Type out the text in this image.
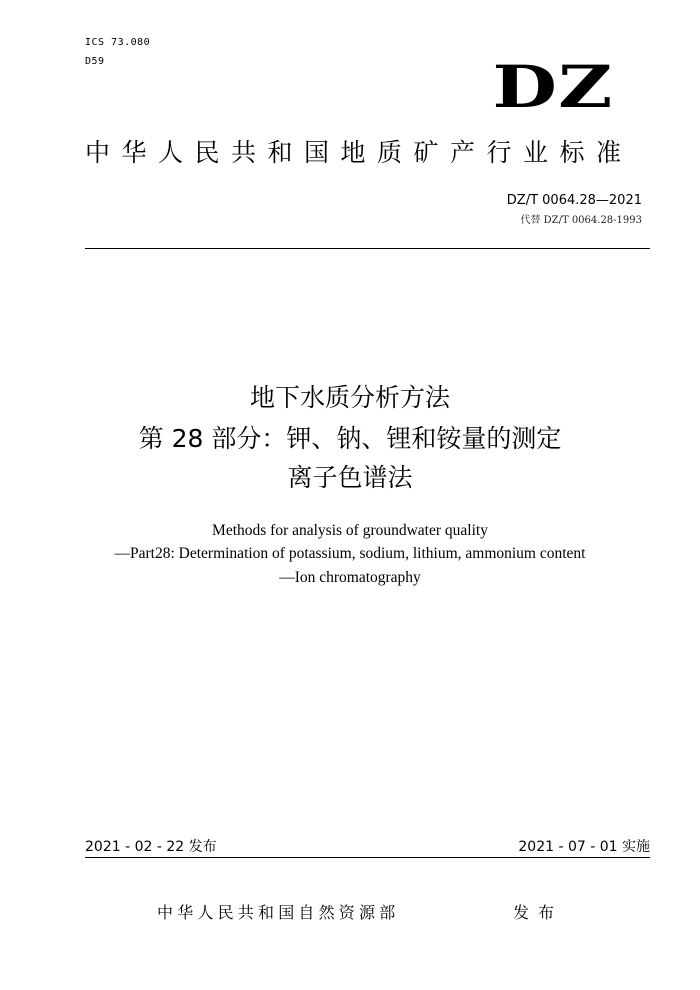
ICS 73.080
D59	DZ
中华人民共和国地质矿产行业标准
DZ/T 0064.28—2021
代替 DZ/T 0064.28-1993
地下水质分析方法
第 28 部分：钾、钠、锂和铵量的测定
离子色谱法
Methods for analysis of groundwater quality
—Part28: Determination of potassium, sodium, lithium, ammonium content
—Ion chromatography
2021 - 02 - 22 发布	2021 - 07 - 01 实施
中华人民共和国自然资源部	发布
